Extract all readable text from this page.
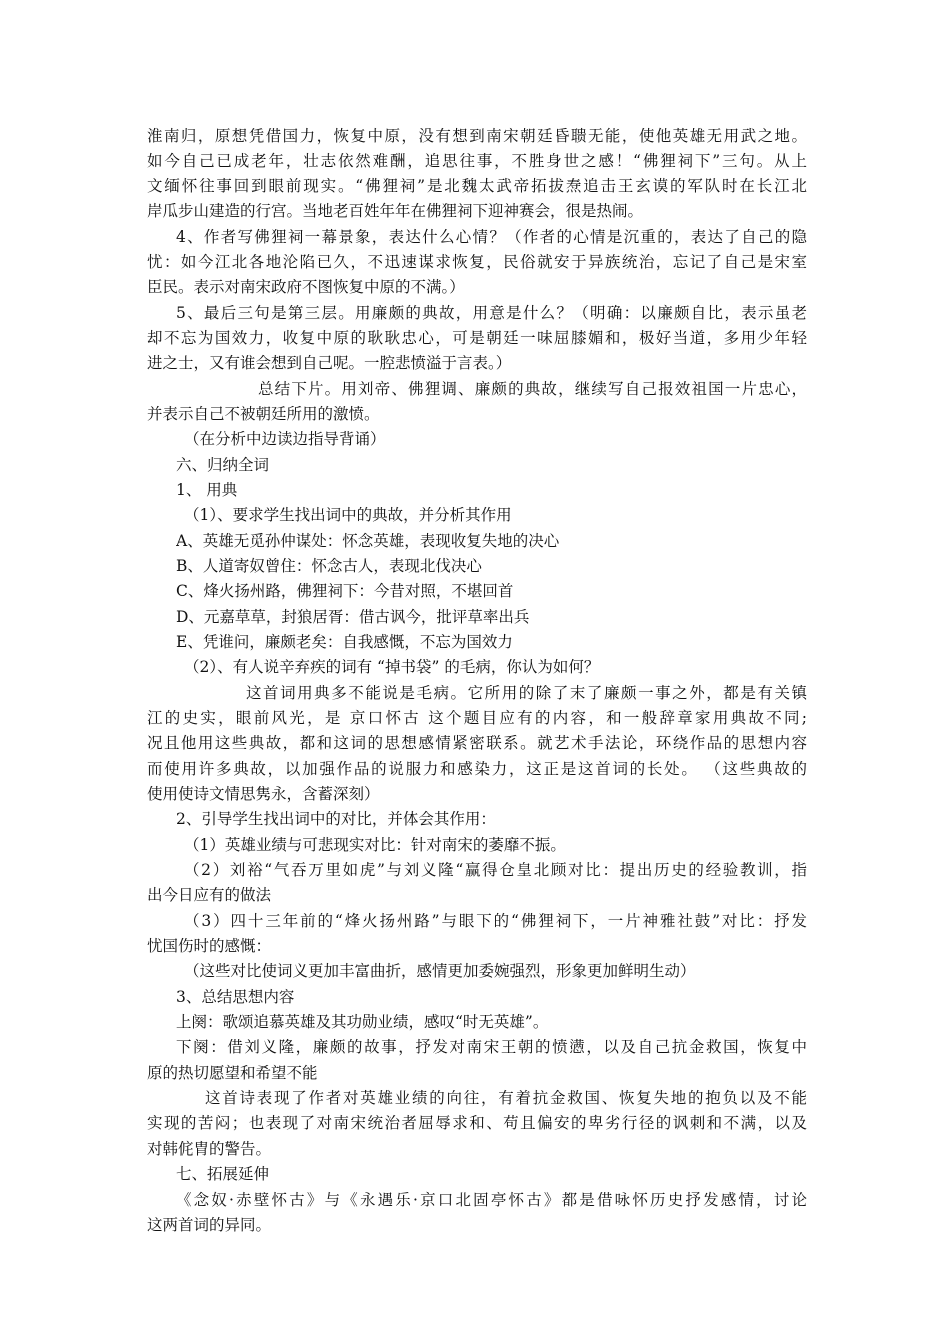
淮南归，原想凭借国力，恢复中原，没有想到南宋朝廷昏聩无能，使他英雄无用武之地。
如今自己已成老年，壮志依然难酬，追思往事，不胜身世之感！“佛狸祠下”三句。从上
文缅怀往事回到眼前现实。“佛狸祠”是北魏太武帝拓拔焘追击王玄谟的军队时在长江北
岸瓜步山建造的行宫。当地老百姓年年在佛狸祠下迎神赛会，很是热闹。
4、作者写佛狸祠一幕景象，表达什么心情？（作者的心情是沉重的，表达了自己的隐
忧：如今江北各地沦陷已久，不迅速谋求恢复，民俗就安于异族统治，忘记了自己是宋室
臣民。表示对南宋政府不图恢复中原的不满。）
5、最后三句是第三层。用廉颇的典故，用意是什么？（明确：以廉颇自比，表示虽老
却不忘为国效力，收复中原的耿耿忠心，可是朝廷一味屈膝媚和，极好当道，多用少年轻
进之士，又有谁会想到自己呢。一腔悲愤溢于言表。）
总结下片。用刘帝、佛狸调、廉颇的典故，继续写自己报效祖国一片忠心，
并表示自己不被朝廷所用的激愤。
（在分析中边读边指导背诵）
六、归纳全词
1、 用典
（1）、要求学生找出词中的典故，并分析其作用
A、英雄无觅孙仲谋处：怀念英雄，表现收复失地的决心
B、人道寄奴曾住：怀念古人，表现北伐决心
C、烽火扬州路，佛狸祠下：今昔对照，不堪回首
D、元嘉草草，封狼居胥：借古讽今，批评草率出兵
E、凭谁问，廉颇老矣：自我感慨，不忘为国效力
（2）、有人说辛弃疾的词有 “掉书袋” 的毛病，你认为如何？
这首词用典多不能说是毛病。它所用的除了末了廉颇一事之外，都是有关镇
江的史实，眼前风光，是 京口怀古 这个题目应有的内容，和一般辞章家用典故不同;
况且他用这些典故，都和这词的思想感情紧密联系。就艺术手法论，环绕作品的思想内容
而使用许多典故，以加强作品的说服力和感染力，这正是这首词的长处。 （这些典故的
使用使诗文情思隽永，含蓄深刻）
2、引导学生找出词中的对比，并体会其作用：
（1）英雄业绩与可悲现实对比：针对南宋的萎靡不振。
（2）刘裕“气吞万里如虎”与刘义隆“赢得仓皇北顾对比：提出历史的经验教训，指
出今日应有的做法
（3）四十三年前的“烽火扬州路”与眼下的“佛狸祠下，一片神雅社鼓”对比：抒发
忧国伤时的感慨：
（这些对比使词义更加丰富曲折，感情更加委婉强烈，形象更加鲜明生动）
3、总结思想内容
上阕：歌颂追慕英雄及其功勋业绩，感叹“时无英雄”。
下阕：借刘义隆，廉颇的故事，抒发对南宋王朝的愤懑，以及自己抗金救国，恢复中
原的热切愿望和希望不能
这首诗表现了作者对英雄业绩的向往，有着抗金救国、恢复失地的抱负以及不能
实现的苦闷；也表现了对南宋统治者屈辱求和、苟且偏安的卑劣行径的讽刺和不满，以及
对韩侂胄的警告。
七、拓展延伸
《念奴·赤壁怀古》与《永遇乐·京口北固亭怀古》都是借咏怀历史抒发感情，讨论
这两首词的异同。
